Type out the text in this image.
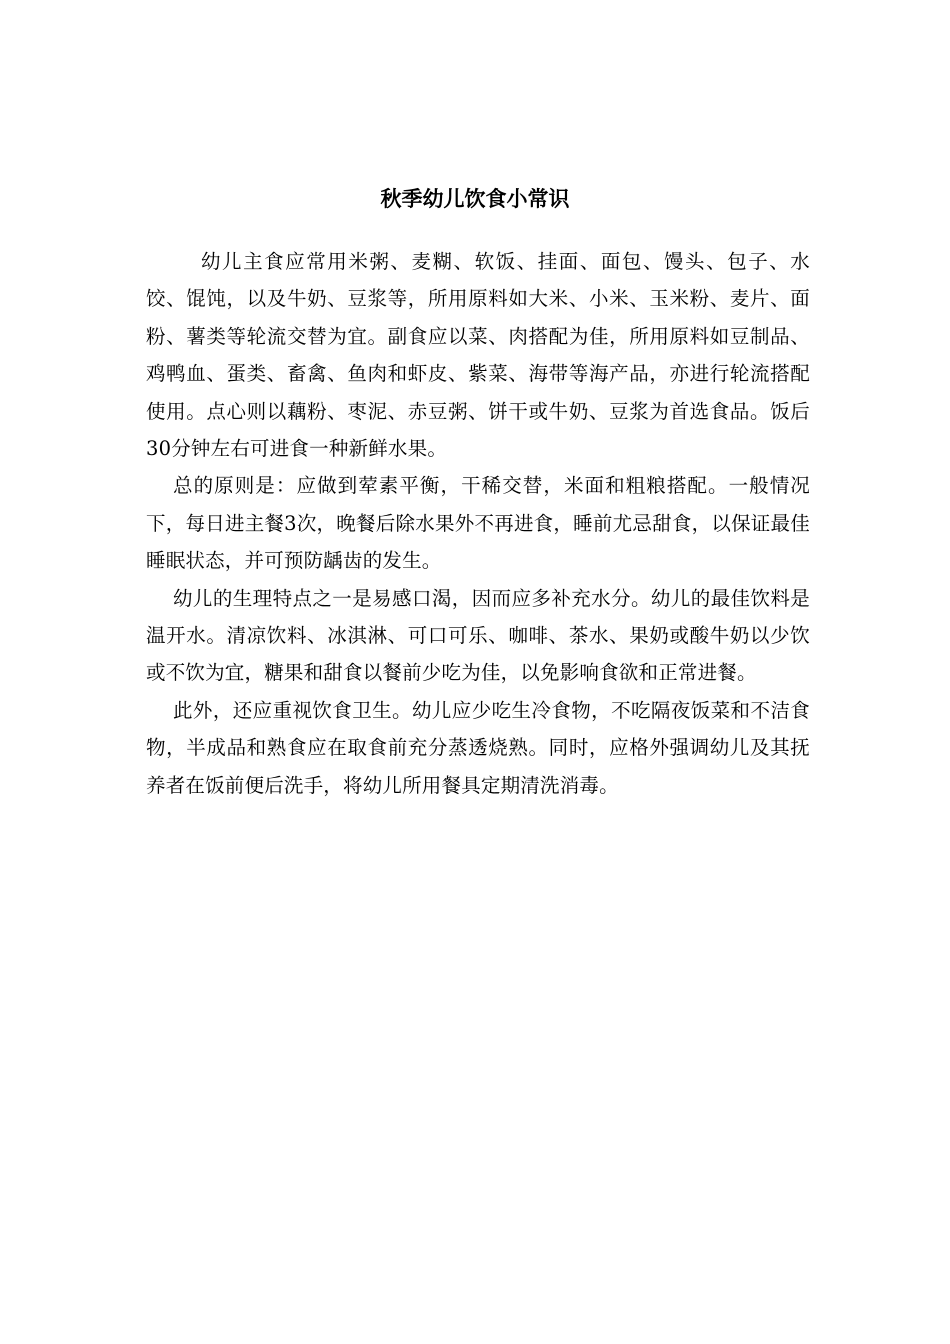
秋季幼儿饮食小常识

幼儿主食应常用米粥、麦糊、软饭、挂面、面包、馒头、包子、水饺、馄饨，以及牛奶、豆浆等，所用原料如大米、小米、玉米粉、麦片、面粉、薯类等轮流交替为宜。副食应以菜、肉搭配为佳，所用原料如豆制品、鸡鸭血、蛋类、畜禽、鱼肉和虾皮、紫菜、海带等海产品，亦进行轮流搭配使用。点心则以藕粉、枣泥、赤豆粥、饼干或牛奶、豆浆为首选食品。饭后30分钟左右可进食一种新鲜水果。

总的原则是：应做到荤素平衡，干稀交替，米面和粗粮搭配。一般情况下，每日进主餐3次，晚餐后除水果外不再进食，睡前尤忌甜食，以保证最佳睡眠状态，并可预防龋齿的发生。

幼儿的生理特点之一是易感口渴，因而应多补充水分。幼儿的最佳饮料是温开水。清凉饮料、冰淇淋、可口可乐、咖啡、茶水、果奶或酸牛奶以少饮或不饮为宜，糖果和甜食以餐前少吃为佳，以免影响食欲和正常进餐。

此外，还应重视饮食卫生。幼儿应少吃生冷食物，不吃隔夜饭菜和不洁食物，半成品和熟食应在取食前充分蒸透烧熟。同时，应格外强调幼儿及其抚养者在饭前便后洗手，将幼儿所用餐具定期清洗消毒。
